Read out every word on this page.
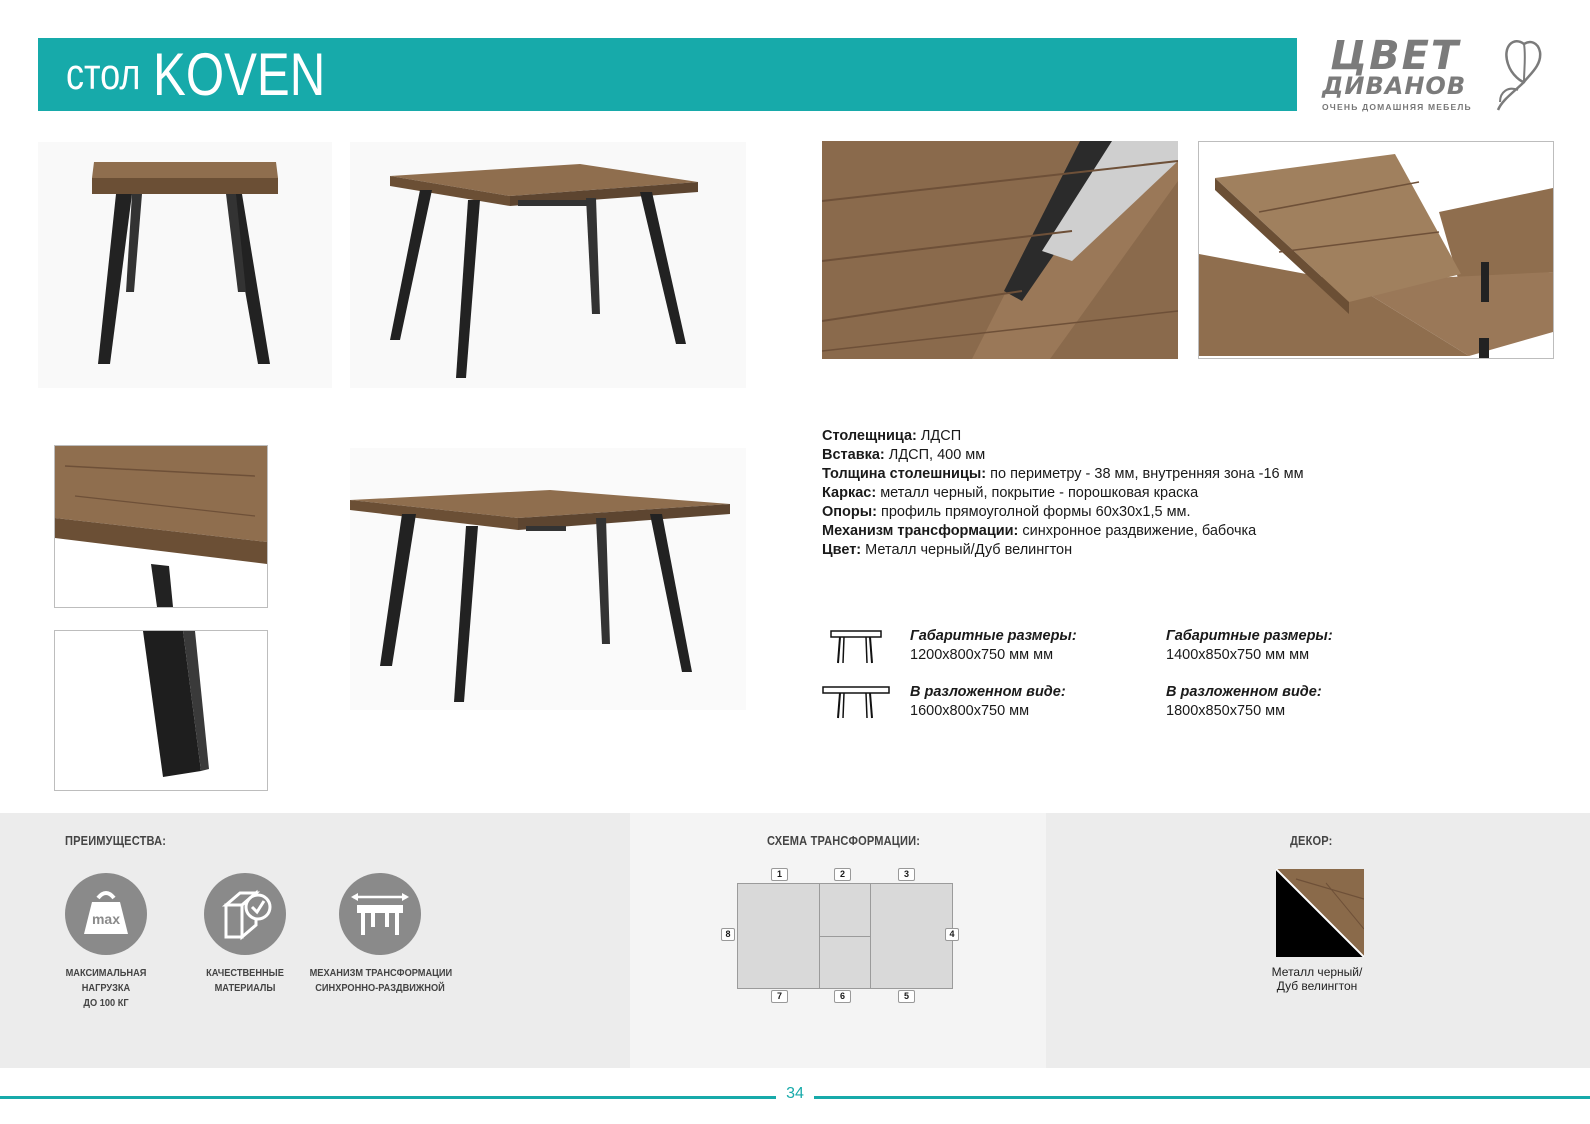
стол KOVEN	ЦВЕТ
ДИВАНОВ
ОЧЕНЬ ДОМАШНЯЯ МЕБЕЛЬ
Столещница: ЛДСП
Вставка: ЛДСП, 400 мм
Толщина столешницы: по периметру - 38 мм, внутренняя зона -16 мм
Каркас: металл черный, покрытие - порошковая краска
Опоры: профиль прямоуголной формы 60х30х1,5 мм.
Механизм трансформации: синхронное раздвижение, бабочка
Цвет: Металл черный/Дуб велингтон
Габаритные размеры:
1200х800х750 мм мм
В разложенном виде:
1600х800х750 мм
Габаритные размеры:
1400х850х750 мм мм
В разложенном виде:
1800х850х750 мм
ПРЕИМУЩЕСТВА:
max
МАКСИМАЛЬНАЯ
НАГРУЗКА
ДО 100 КГ
КАЧЕСТВЕННЫЕ
МАТЕРИАЛЫ
МЕХАНИЗМ ТРАНСФОРМАЦИИ
СИНХРОННО-РАЗДВИЖНОЙ
СХЕМА ТРАНСФОРМАЦИИ:
1	2	3
4
5
6
7
8
ДЕКОР:
Металл черный/
Дуб велингтон
34
